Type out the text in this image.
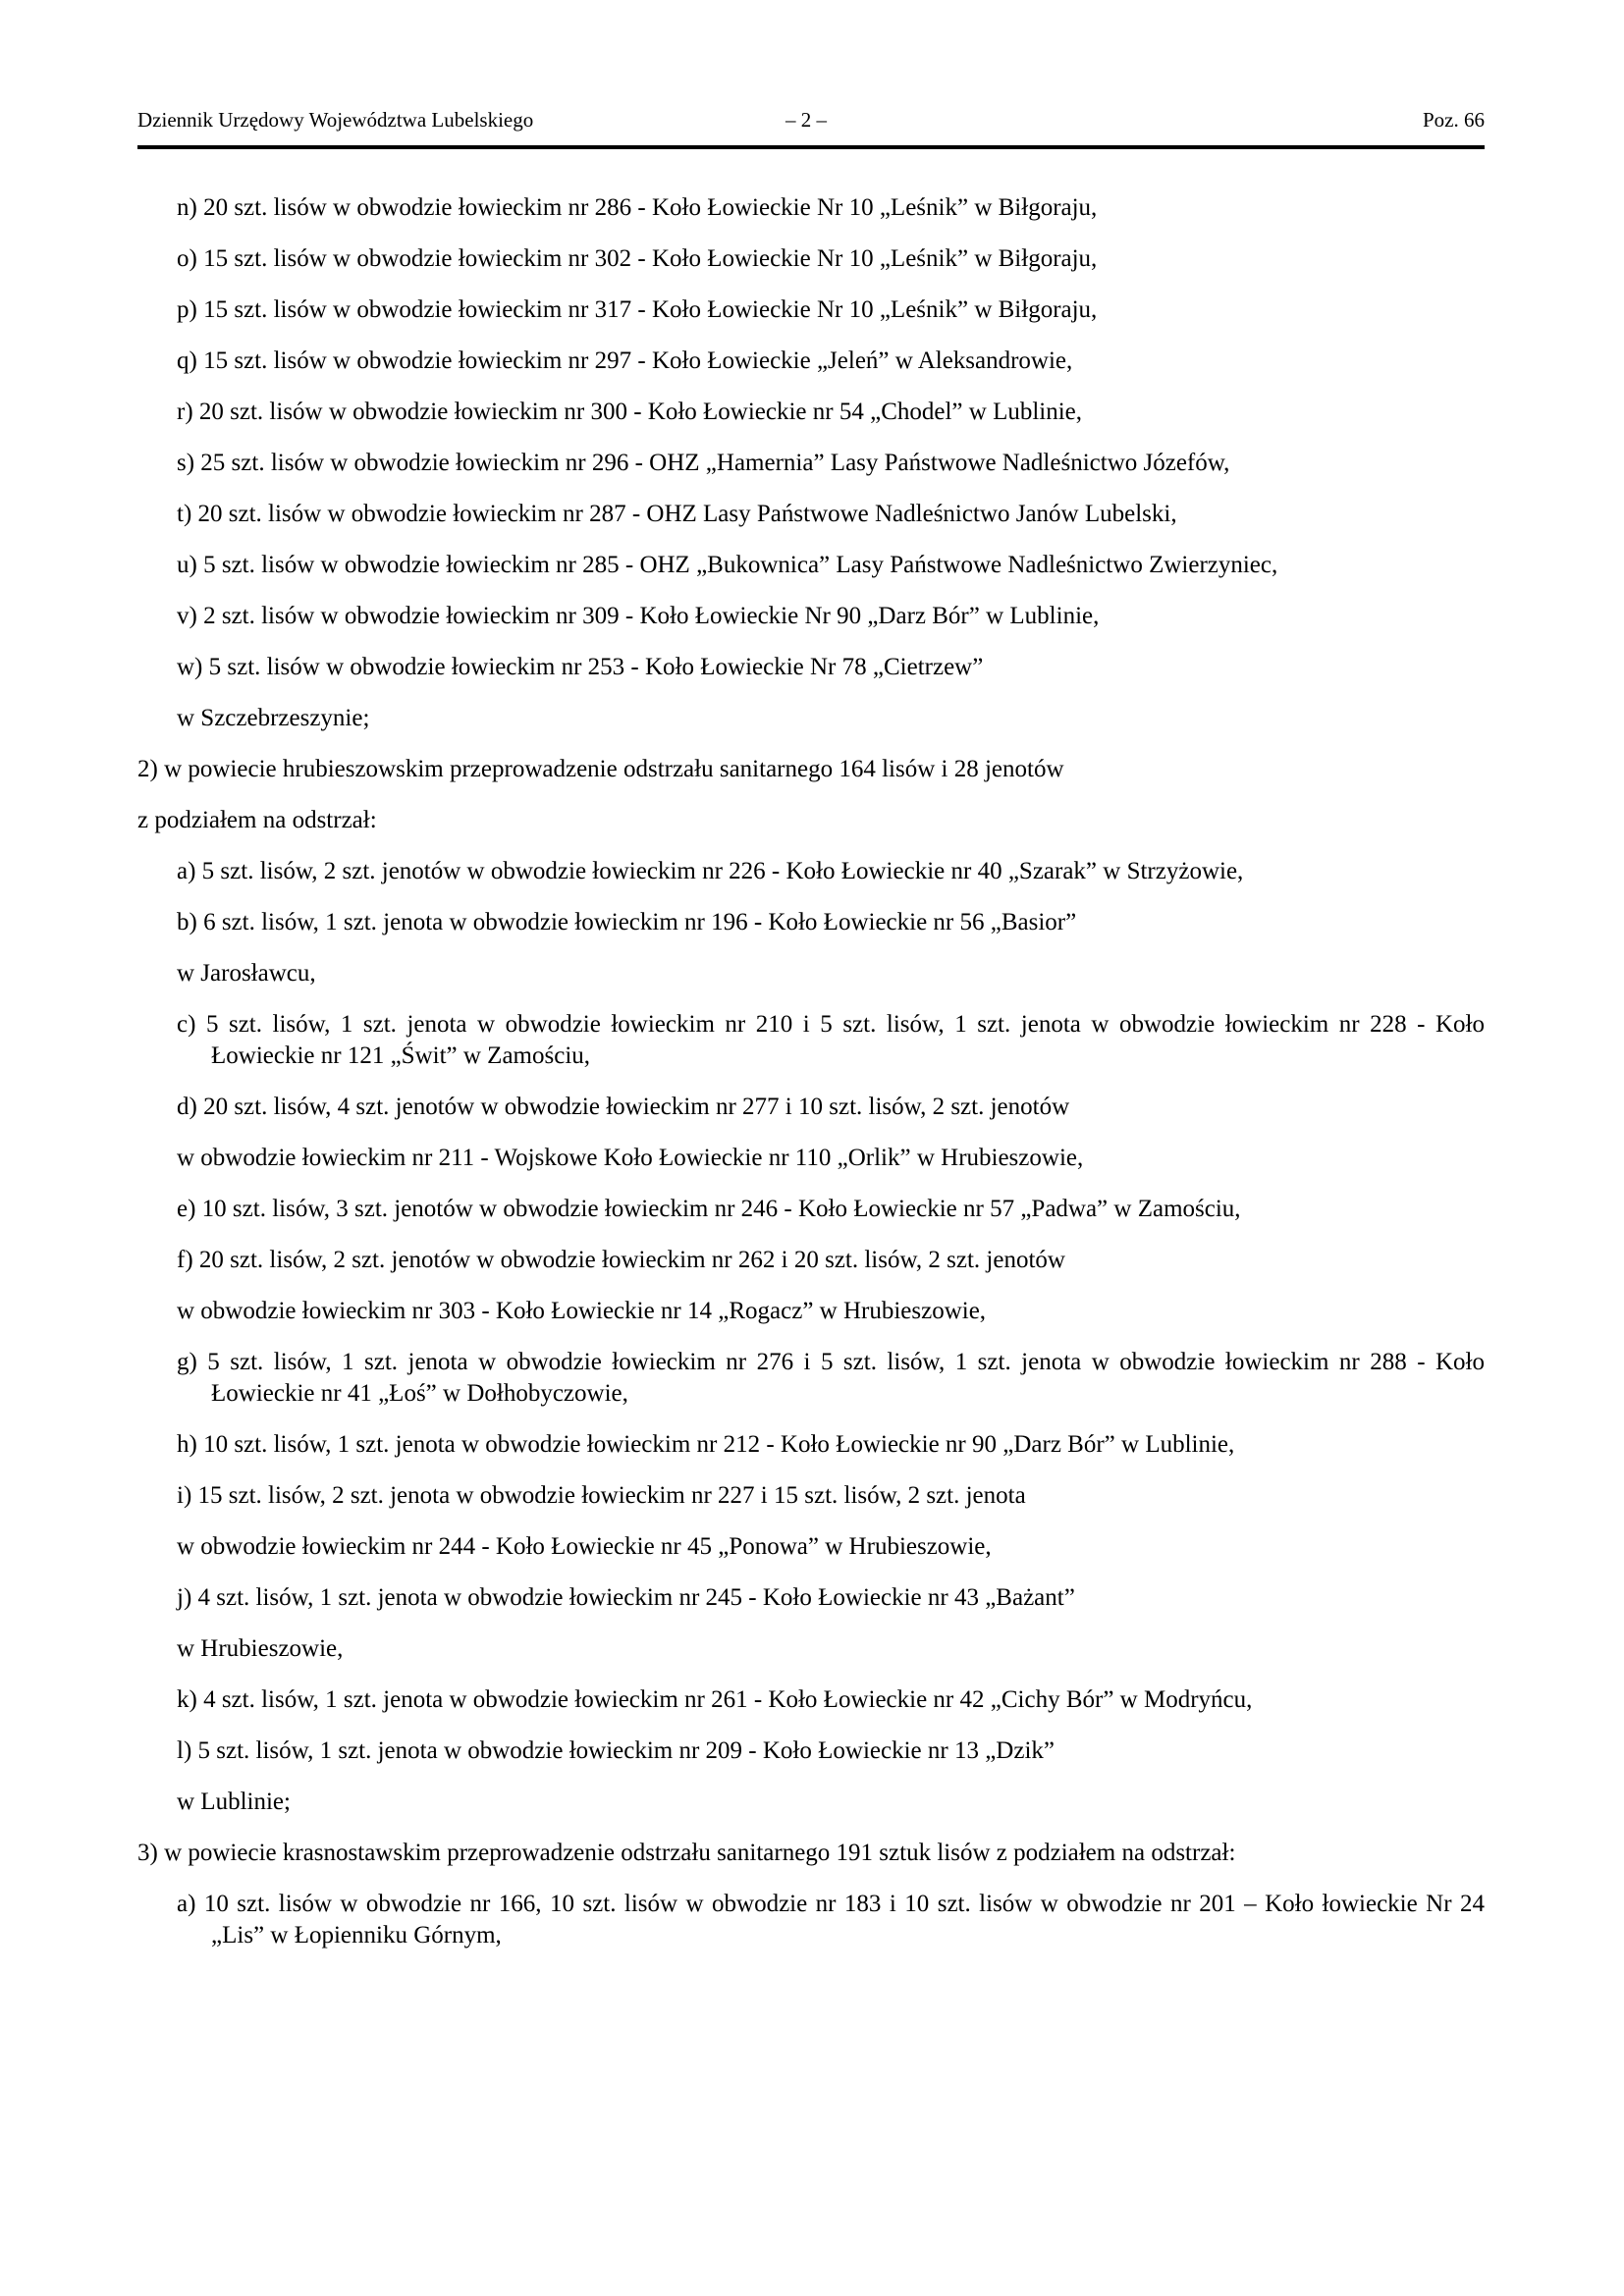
Dziennik Urzędowy Województwa Lubelskiego	– 2 –	Poz. 66
n) 20 szt. lisów w obwodzie łowieckim nr 286 - Koło Łowieckie Nr 10 „Leśnik” w Biłgoraju,
o) 15 szt. lisów w obwodzie łowieckim nr 302 - Koło Łowieckie Nr 10 „Leśnik” w Biłgoraju,
p) 15 szt. lisów w obwodzie łowieckim nr 317 - Koło Łowieckie Nr 10 „Leśnik” w Biłgoraju,
q) 15 szt. lisów w obwodzie łowieckim nr 297 - Koło Łowieckie „Jeleń” w Aleksandrowie,
r) 20 szt. lisów w obwodzie łowieckim nr 300 - Koło Łowieckie nr 54 „Chodel” w Lublinie,
s) 25 szt. lisów w obwodzie łowieckim nr 296 - OHZ „Hamernia” Lasy Państwowe Nadleśnictwo Józefów,
t) 20 szt. lisów w obwodzie łowieckim nr 287 - OHZ Lasy Państwowe Nadleśnictwo Janów Lubelski,
u) 5 szt. lisów w obwodzie łowieckim nr 285 - OHZ „Bukownica” Lasy Państwowe Nadleśnictwo Zwierzyniec,
v) 2 szt. lisów w obwodzie łowieckim nr 309 - Koło Łowieckie Nr 90 „Darz Bór” w Lublinie,
w) 5 szt. lisów w obwodzie łowieckim nr 253 - Koło Łowieckie Nr 78 „Cietrzew”
w Szczebrzeszynie;
2) w powiecie hrubieszowskim przeprowadzenie odstrzału sanitarnego 164 lisów i 28 jenotów
z podziałem na odstrzał:
a) 5 szt. lisów, 2 szt. jenotów w obwodzie łowieckim nr 226 - Koło Łowieckie nr 40 „Szarak” w Strzyżowie,
b) 6 szt. lisów, 1 szt. jenota w obwodzie łowieckim nr 196 - Koło Łowieckie nr 56 „Basior”
w Jarosławcu,
c) 5 szt. lisów, 1 szt. jenota w obwodzie łowieckim nr 210 i 5 szt. lisów, 1 szt. jenota w obwodzie łowieckim nr 228 - Koło Łowieckie nr 121 „Świt” w Zamościu,
d) 20 szt. lisów, 4 szt. jenotów w obwodzie łowieckim nr 277 i 10 szt. lisów, 2 szt. jenotów
w obwodzie łowieckim nr 211 - Wojskowe Koło Łowieckie nr 110 „Orlik” w Hrubieszowie,
e) 10 szt. lisów, 3 szt. jenotów w obwodzie łowieckim nr 246 - Koło Łowieckie nr 57 „Padwa” w Zamościu,
f) 20 szt. lisów, 2 szt. jenotów w obwodzie łowieckim nr 262 i 20 szt. lisów, 2 szt. jenotów
w obwodzie łowieckim nr 303 - Koło Łowieckie nr 14 „Rogacz” w Hrubieszowie,
g) 5 szt. lisów, 1 szt. jenota w obwodzie łowieckim nr 276 i 5 szt. lisów, 1 szt. jenota w obwodzie łowieckim nr 288 - Koło Łowieckie nr 41 „Łoś” w Dołhobyczowie,
h) 10 szt. lisów, 1 szt. jenota w obwodzie łowieckim nr 212 - Koło Łowieckie nr 90 „Darz Bór” w Lublinie,
i) 15 szt. lisów, 2 szt. jenota w obwodzie łowieckim nr 227 i 15 szt. lisów, 2 szt. jenota
w obwodzie łowieckim nr 244 - Koło Łowieckie nr 45 „Ponowa” w Hrubieszowie,
j) 4 szt. lisów, 1 szt. jenota w obwodzie łowieckim nr 245 - Koło Łowieckie nr 43 „Bażant”
w Hrubieszowie,
k) 4 szt. lisów, 1 szt. jenota w obwodzie łowieckim nr 261 - Koło Łowieckie nr 42 „Cichy Bór” w Modryńcu,
l) 5 szt. lisów, 1 szt. jenota w obwodzie łowieckim nr 209 - Koło Łowieckie nr 13 „Dzik”
w Lublinie;
3) w powiecie krasnostawskim przeprowadzenie odstrzału sanitarnego 191 sztuk lisów z podziałem na odstrzał:
a) 10 szt. lisów w obwodzie nr 166, 10 szt. lisów w obwodzie nr 183 i 10 szt. lisów w obwodzie nr 201 – Koło łowieckie Nr 24 „Lis” w Łopienniku Górnym,
